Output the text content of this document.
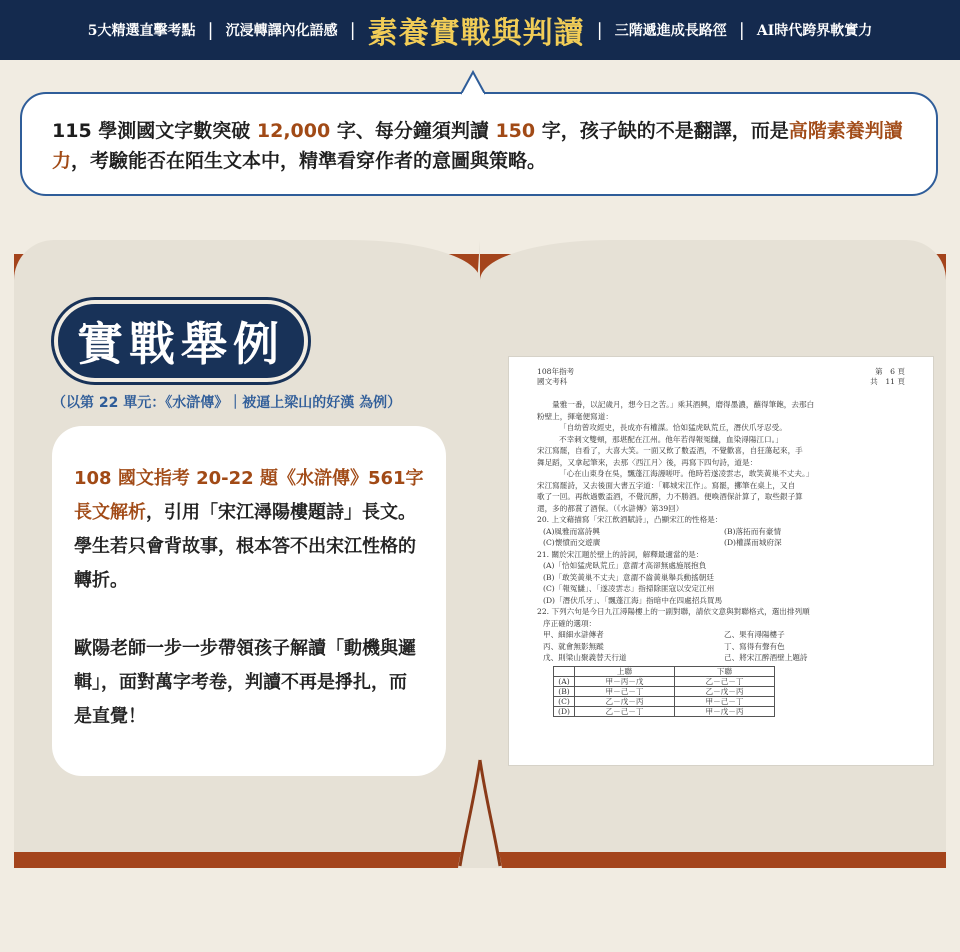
5大精選直擊考點 | 沉浸轉譯內化語感 | 素養實戰與判讀 | 三階遞進成長路徑 | AI時代跨界軟實力
115 學測國文字數突破 12,000 字、每分鐘須判讀 150 字，孩子缺的不是翻譯，而是高階素養判讀力，考驗能否在陌生文本中，精準看穿作者的意圖與策略。
實戰舉例
（以第 22 單元：《水滸傳》｜被逼上梁山的好漢 為例）
108 國文指考 20-22 題《水滸傳》561字長文解析，引用「宋江潯陽樓題詩」長文。學生若只會背故事，根本答不出宋江性格的轉折。
歐陽老師一步一步帶領孩子解讀「動機與邏輯」，面對萬字考卷，判讀不再是掙扎，而是直覺！
108年指考
國文考科
第　6 頁
共　11 頁
　　量雅一番，以記歲月，想今日之苦。」乘其酒興，磨得墨濃，蘸得筆飽，去那白
粉壁上，揮毫便寫道：
「自幼曾攻經史，長成亦有權謀。恰如猛虎臥荒丘，潛伏爪牙忍受。
不幸刺文雙頰，那堪配在江州。他年若得報冤讎，血染潯陽江口。」
宋江寫罷，自看了，大喜大笑。一面又飲了數盃酒，不覺歡喜，自狂蕩起來，手
舞足蹈，又拿起筆來，去那〈西江月〉後，再寫下四句詩，道是：
「心在山東身在吳，飄蓬江海謾嗟吁。他時若遂凌雲志，敢笑黃巢不丈夫。」
宋江寫罷詩，又去後面大書五字道：「鄆城宋江作」。寫罷，擲筆在桌上，又自
歌了一回。再飲過數盃酒，不覺沉醉，力不勝酒。便喚酒保計算了，取些銀子算
還，多的都賞了酒保。（《水滸傳》第39回）
20. 上文藉描寫「宋江飲酒賦詩」，凸顯宋江的性格是：
(A)風雅而富詩興	(B)落拓而有豪情
(C)懷憤而交遊廣	(D)權謀而城府深
21. 關於宋江題於壁上的詩詞，解釋最適當的是：
(A)「恰如猛虎臥荒丘」意謂才高卻無處施展抱負
(B)「敢笑黃巢不丈夫」意謂不齒黃巢舉兵動搖朝廷
(C)「報冤讎」、「遂凌雲志」指掃除匪寇以安定江州
(D)「潛伏爪牙」、「飄蓬江海」指暗中在四處招兵買馬
22. 下列六句是今日九江潯陽樓上的一副對聯，請依文意與對聯格式，選出排列順
序正確的選項：
甲、細細水滸傳者	乙、果有潯陽樓子
丙、就會無影無蹤	丁、寫得有聲有色
戊、則梁山聚義替天行道	己、將宋江醉酒壁上題詩
	上聯	下聯
(A)	甲－丙－戊	乙－己－丁
(B)	甲－己－丁	乙－戊－丙
(C)	乙－戊－丙	甲－己－丁
(D)	乙－己－丁	甲－戊－丙
